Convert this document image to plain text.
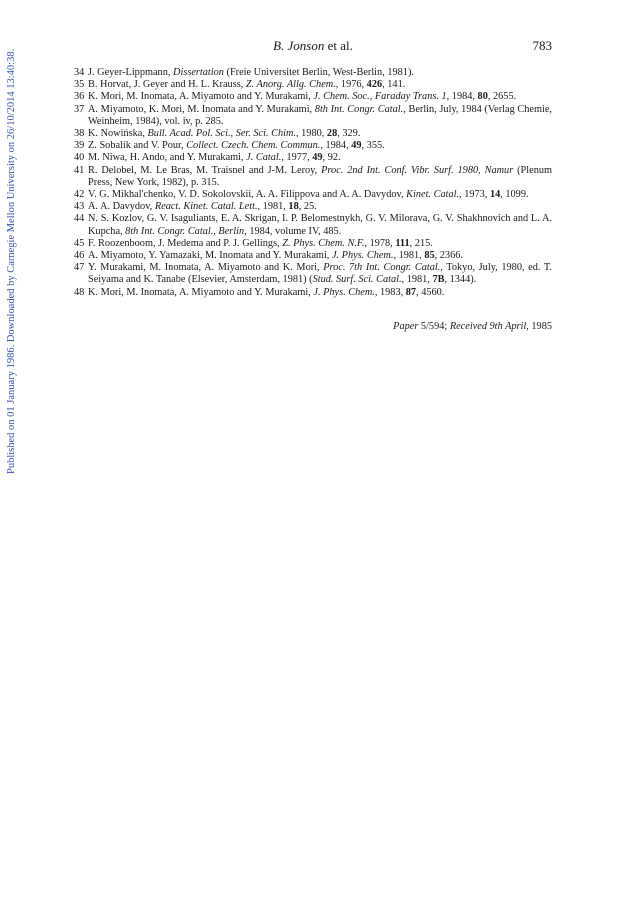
Published on 01 January 1986. Downloaded by Carnegie Mellon University on 26/10/2014 13:40:38.
B. Jonson et al.	783
34 J. Geyer-Lippmann, Dissertation (Freie Universitet Berlin, West-Berlin, 1981).
35 B. Horvat, J. Geyer and H. L. Krauss, Z. Anorg. Allg. Chem., 1976, 426, 141.
36 K. Mori, M. Inomata, A. Miyamoto and Y. Murakami, J. Chem. Soc., Faraday Trans. 1, 1984, 80, 2655.
37 A. Miyamoto, K. Mori, M. Inomata and Y. Murakami, 8th Int. Congr. Catal., Berlin, July, 1984 (Verlag Chemie, Weinheim, 1984), vol. iv, p. 285.
38 K. Nowińska, Bull. Acad. Pol. Sci., Ser. Sci. Chim., 1980, 28, 329.
39 Z. Sobalík and V. Pour, Collect. Czech. Chem. Commun., 1984, 49, 355.
40 M. Niwa, H. Ando, and Y. Murakami, J. Catal., 1977, 49, 92.
41 R. Delobel, M. Le Bras, M. Traisnel and J-M. Leroy, Proc. 2nd Int. Conf. Vibr. Surf. 1980, Namur (Plenum Press, New York, 1982), p. 315.
42 V. G. Mikhal'chenko, V. D. Sokolovskii, A. A. Filippova and A. A. Davydov, Kinet. Catal., 1973, 14, 1099.
43 A. A. Davydov, React. Kinet. Catal. Lett., 1981, 18, 25.
44 N. S. Kozlov, G. V. Isaguliants, E. A. Skrigan, I. P. Belomestnykh, G. V. Milorava, G. V. Shakhnovich and L. A. Kupcha, 8th Int. Congr. Catal., Berlin, 1984, volume IV, 485.
45 F. Roozenboom, J. Medema and P. J. Gellings, Z. Phys. Chem. N.F., 1978, 111, 215.
46 A. Miyamoto, Y. Yamazaki, M. Inomata and Y. Murakami, J. Phys. Chem., 1981, 85, 2366.
47 Y. Murakami, M. Inomata, A. Miyamoto and K. Mori, Proc. 7th Int. Congr. Catal., Tokyo, July, 1980, ed. T. Seiyama and K. Tanabe (Elsevier, Amsterdam, 1981) (Stud. Surf. Sci. Catal., 1981, 7B, 1344).
48 K. Mori, M. Inomata, A. Miyamoto and Y. Murakami, J. Phys. Chem., 1983, 87, 4560.
Paper 5/594; Received 9th April, 1985
